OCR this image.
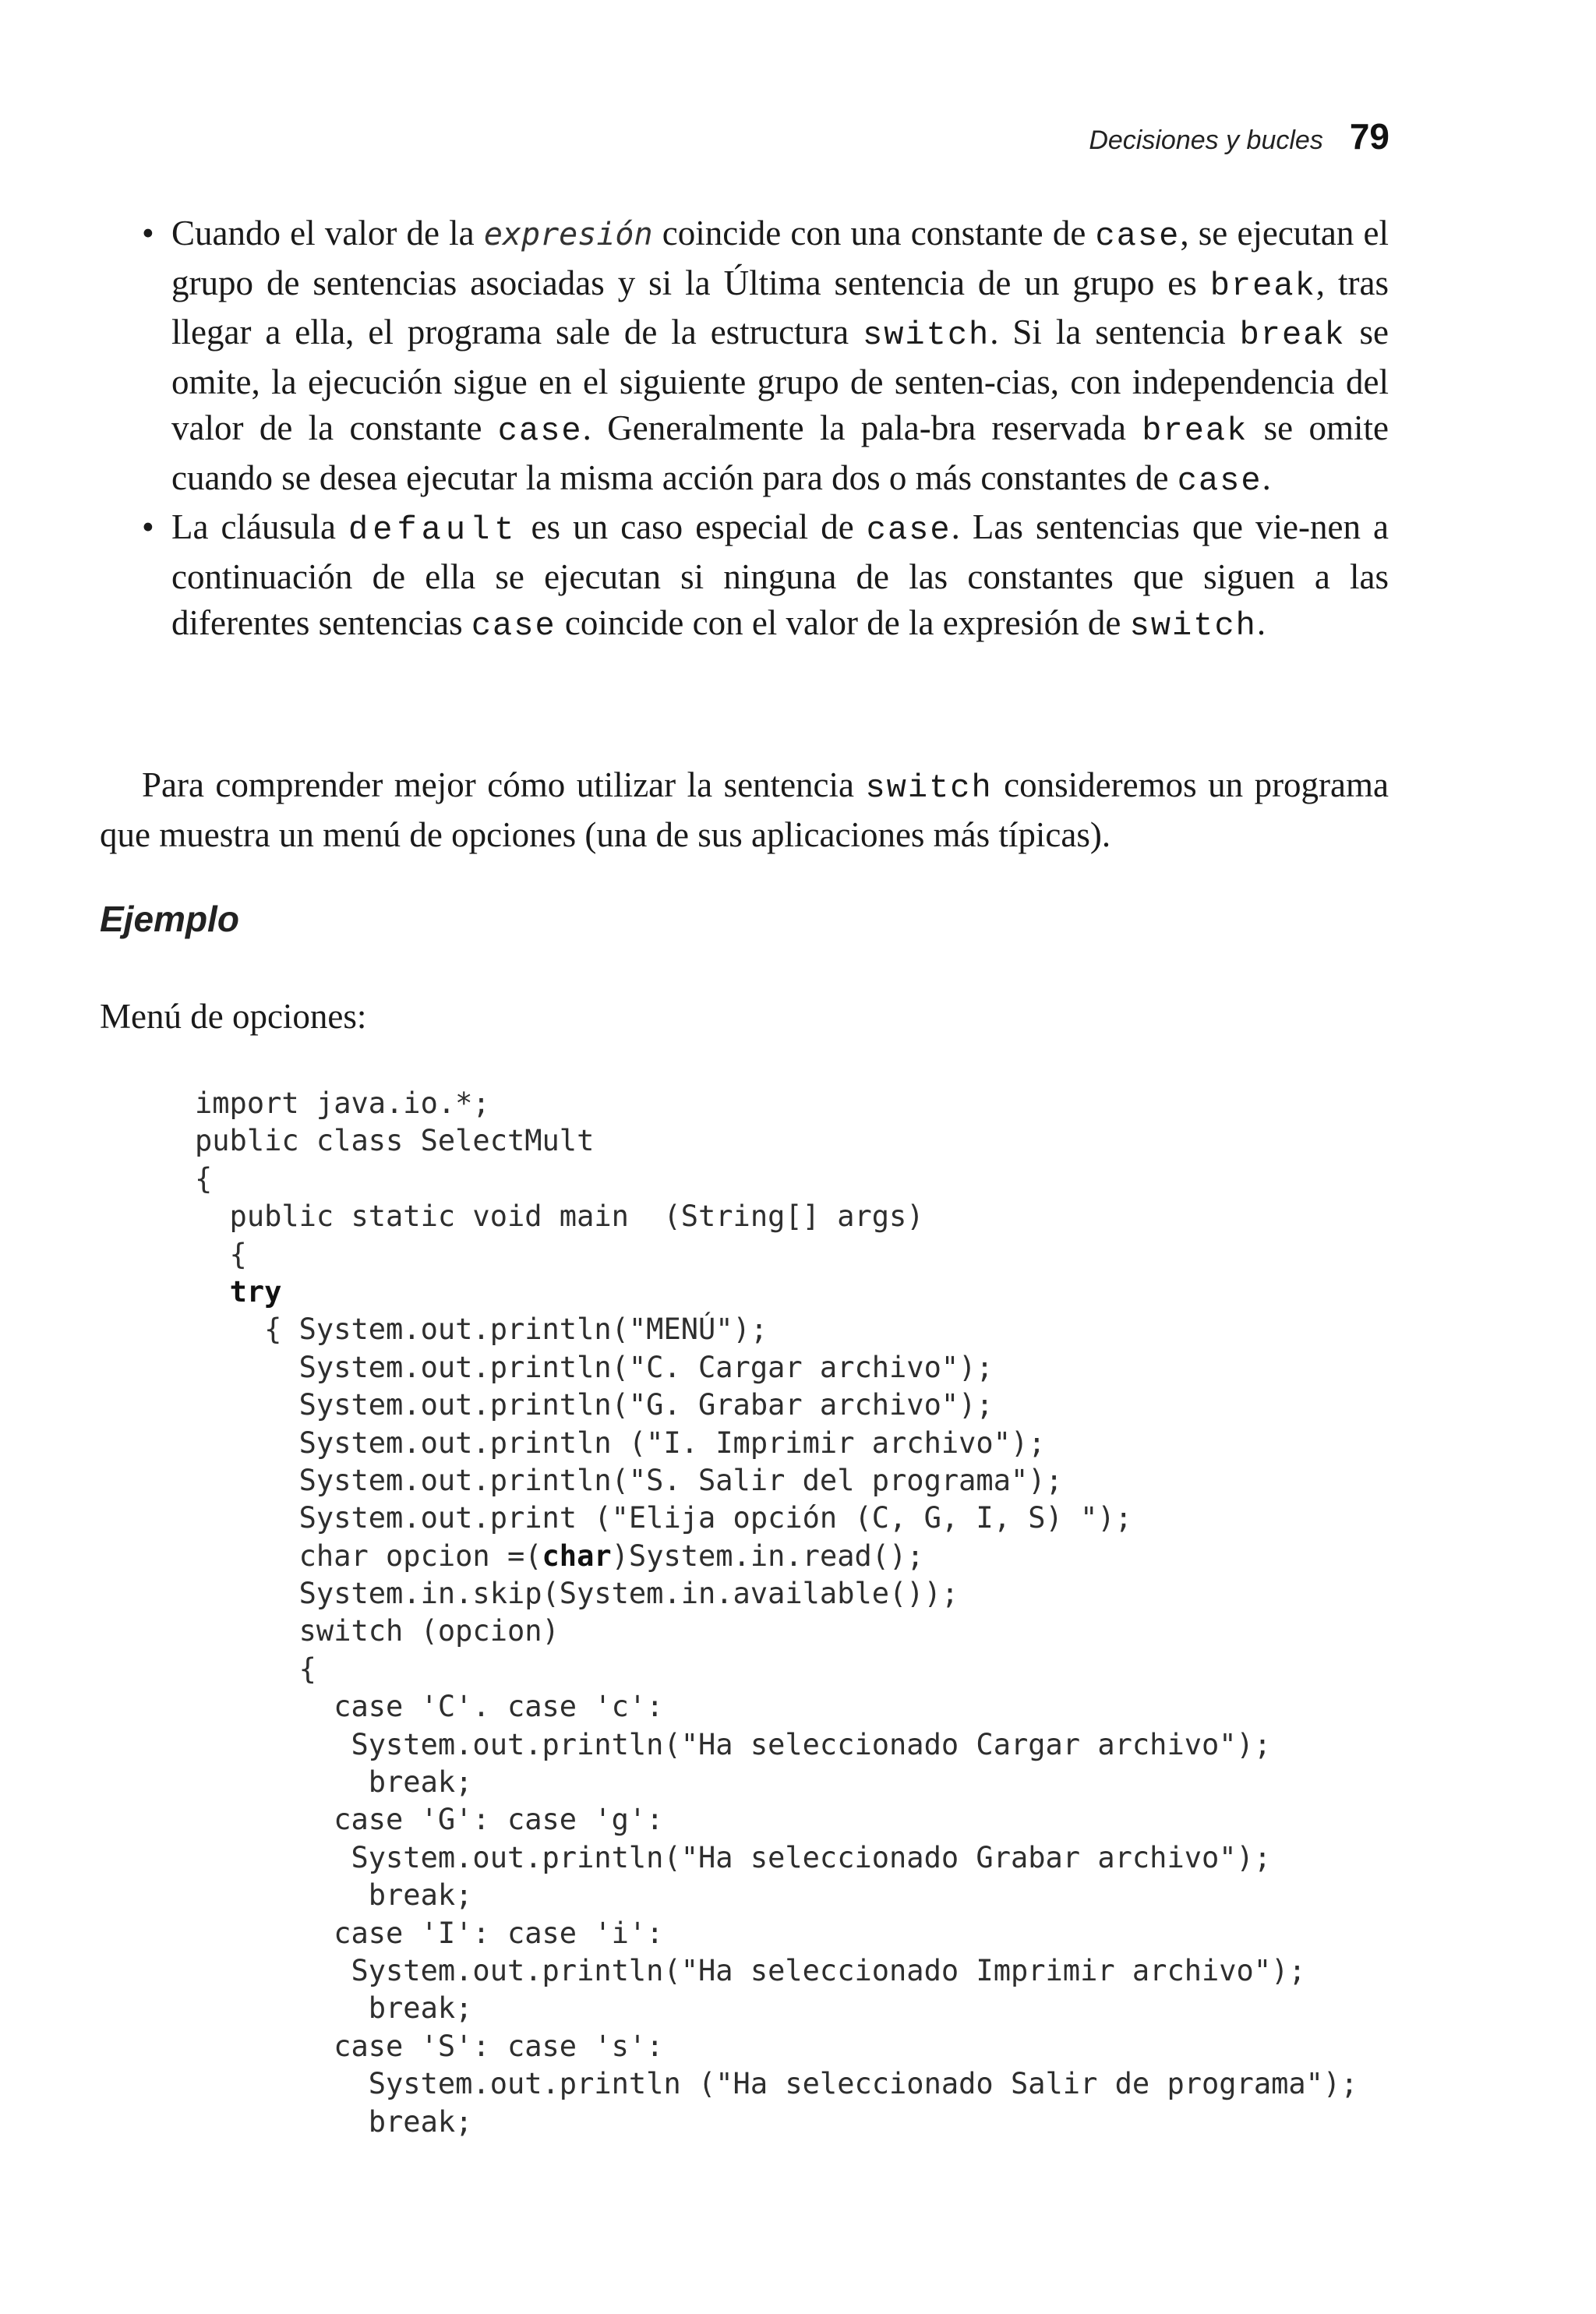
Decisiones y bucles 79
• Cuando el valor de la expresión coincide con una constante de case, se ejecutan el grupo de sentencias asociadas y si la Última sentencia de un grupo es break, tras llegar a ella, el programa sale de la estructura switch. Si la sentencia break se omite, la ejecución sigue en el siguiente grupo de senten-cias, con independencia del valor de la constante case. Generalmente la pala-bra reservada break se omite cuando se desea ejecutar la misma acción para dos o más constantes de case.
• La cláusula default es un caso especial de case. Las sentencias que vie-nen a continuación de ella se ejecutan si ninguna de las constantes que siguen a las diferentes sentencias case coincide con el valor de la expresión de switch.

Para comprender mejor cómo utilizar la sentencia switch consideremos un programa que muestra un menú de opciones (una de sus aplicaciones más típicas).

Ejemplo

Menú de opciones:

import java.io.*;
public class SelectMult
{
public static void main  (String[] args)
{
try
{ System.out.println("MENÚ");
System.out.println("C. Cargar archivo");
System.out.println("G. Grabar archivo");
System.out.println ("I. Imprimir archivo");
System.out.println("S. Salir del programa");
System.out.print ("Elija opción (C, G, I, S) ");
char opcion =(char)System.in.read();
System.in.skip(System.in.available());
switch (opcion)
{
case 'C'. case 'c':
System.out.println("Ha seleccionado Cargar archivo");
break;
case 'G': case 'g':
System.out.println("Ha seleccionado Grabar archivo");
break;
case 'I': case 'i':
System.out.println("Ha seleccionado Imprimir archivo");
break;
case 'S': case 's':
System.out.println ("Ha seleccionado Salir de programa");
break;
